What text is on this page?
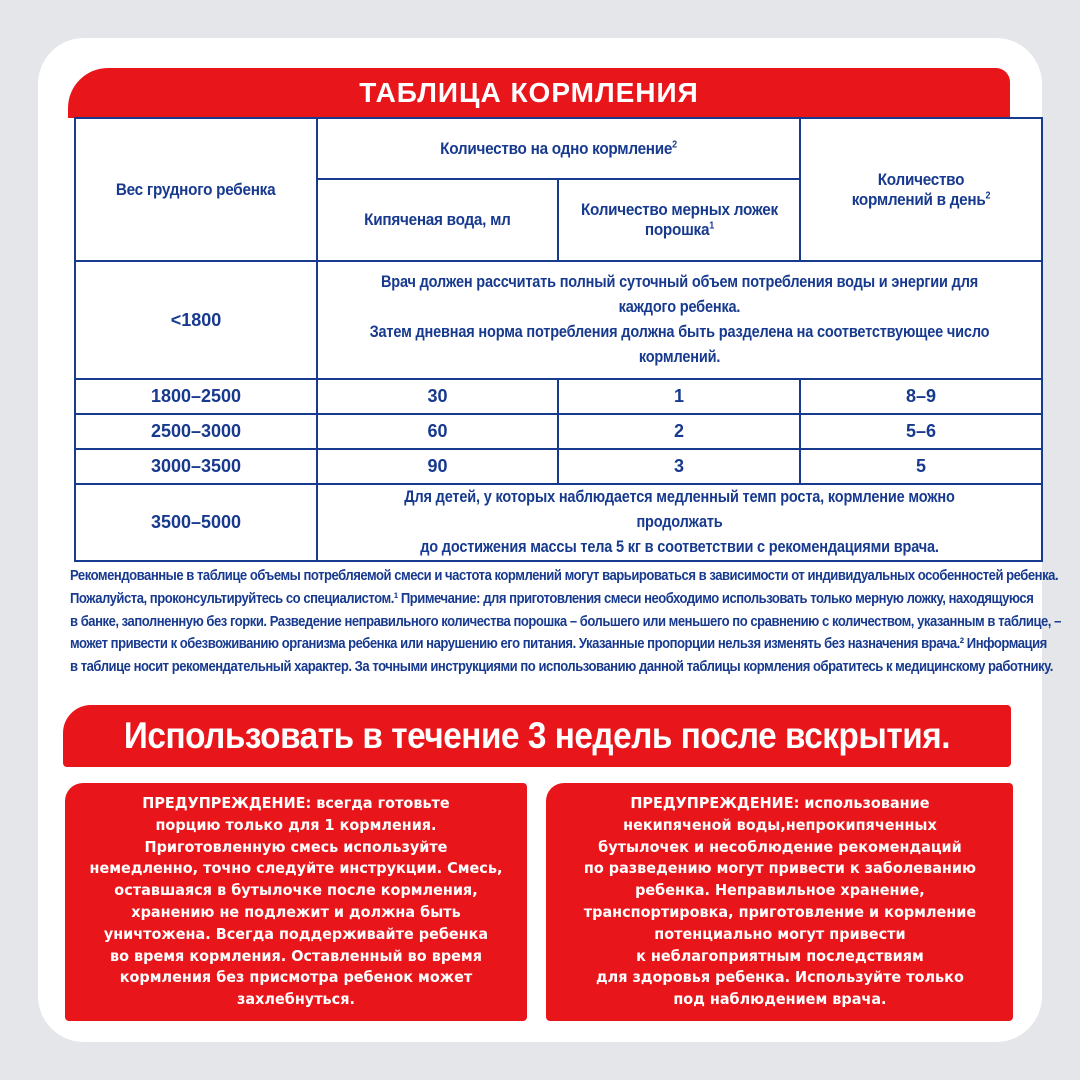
ТАБЛИЦА КОРМЛЕНИЯ
Вес грудного ребенка	Количество на одно кормление$^2$		Количество
кормлений в день$^2$
	Кипяченая вода, мл	Количество мерных ложек
порошка$^1$
<1800	Врач должен рассчитать полный суточный объем потребления воды и энергии для каждого ребенка.
Затем дневная норма потребления должна быть разделена на соответствующее число кормлений.		
1800–2500	30	1	8–9
2500–3000	60	2	5–6
3000–3500	90	3	5
3500–5000	Для детей, у которых наблюдается медленный темп роста, кормление можно продолжать
до достижения массы тела 5 кг в соответствии с рекомендациями врача.		

Рекомендованные в таблице объемы потребляемой смеси и частота кормлений могут варьироваться в зависимости от индивидуальных особенностей ребенка.

Пожалуйста, проконсультируйтесь со специалистом.¹ Примечание: для приготовления смеси необходимо использовать только мерную ложку, находящуюся

в банке, заполненную без горки. Разведение неправильного количества порошка – большего или меньшего по сравнению с количеством, указанным в таблице, –

может привести к обезвоживанию организма ребенка или нарушению его питания. Указанные пропорции нельзя изменять без назначения врача.² Информация

в таблице носит рекомендательный характер. За точными инструкциями по использованию данной таблицы кормления обратитесь к медицинскому работнику.

Использовать в течение 3 недель после вскрытия.

ПРЕДУПРЕЖДЕНИЕ: всегда готовьте

порцию только для 1 кормления.

Приготовленную смесь используйте

немедленно, точно следуйте инструкции. Смесь,

оставшаяся в бутылочке после кормления,

хранению не подлежит и должна быть

уничтожена. Всегда поддерживайте ребенка

во время кормления. Оставленный во время

кормления без присмотра ребенок может

захлебнуться.

ПРЕДУПРЕЖДЕНИЕ: использование

некипяченой воды,непрокипяченных

бутылочек и несоблюдение рекомендаций

по разведению могут привести к заболеванию

ребенка. Неправильное хранение,

транспортировка, приготовление и кормление

потенциально могут привести

к неблагоприятным последствиям

для здоровья ребенка. Используйте только

под наблюдением врача.
